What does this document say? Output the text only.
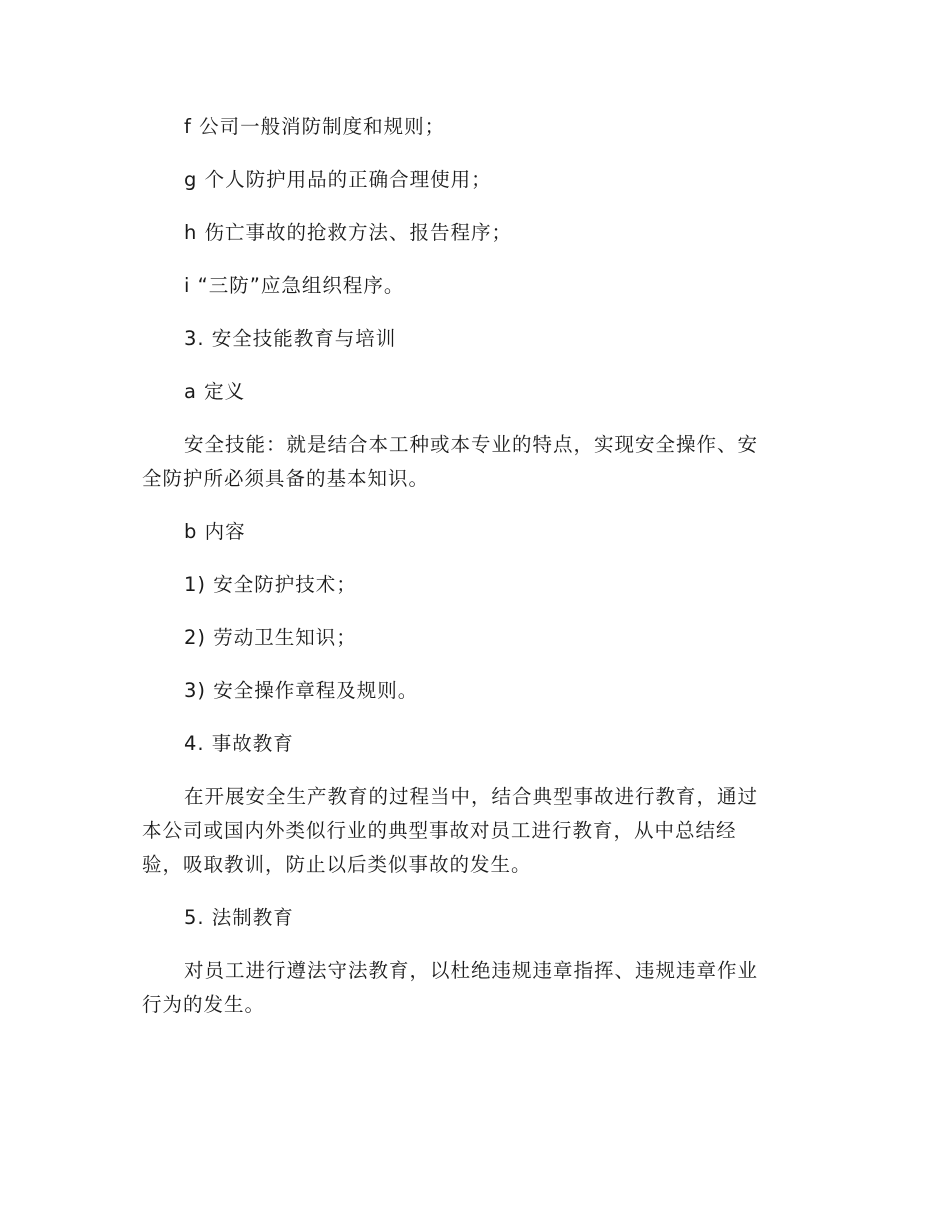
f 公司一般消防制度和规则；
g 个人防护用品的正确合理使用；
h 伤亡事故的抢救方法、报告程序；
i “三防”应急组织程序。
3. 安全技能教育与培训
a 定义
安全技能：就是结合本工种或本专业的特点，实现安全操作、安
全防护所必须具备的基本知识。
b 内容
1) 安全防护技术；
2) 劳动卫生知识；
3) 安全操作章程及规则。
4. 事故教育
在开展安全生产教育的过程当中，结合典型事故进行教育，通过
本公司或国内外类似行业的典型事故对员工进行教育，从中总结经
验，吸取教训，防止以后类似事故的发生。
5. 法制教育
对员工进行遵法守法教育，以杜绝违规违章指挥、违规违章作业
行为的发生。
